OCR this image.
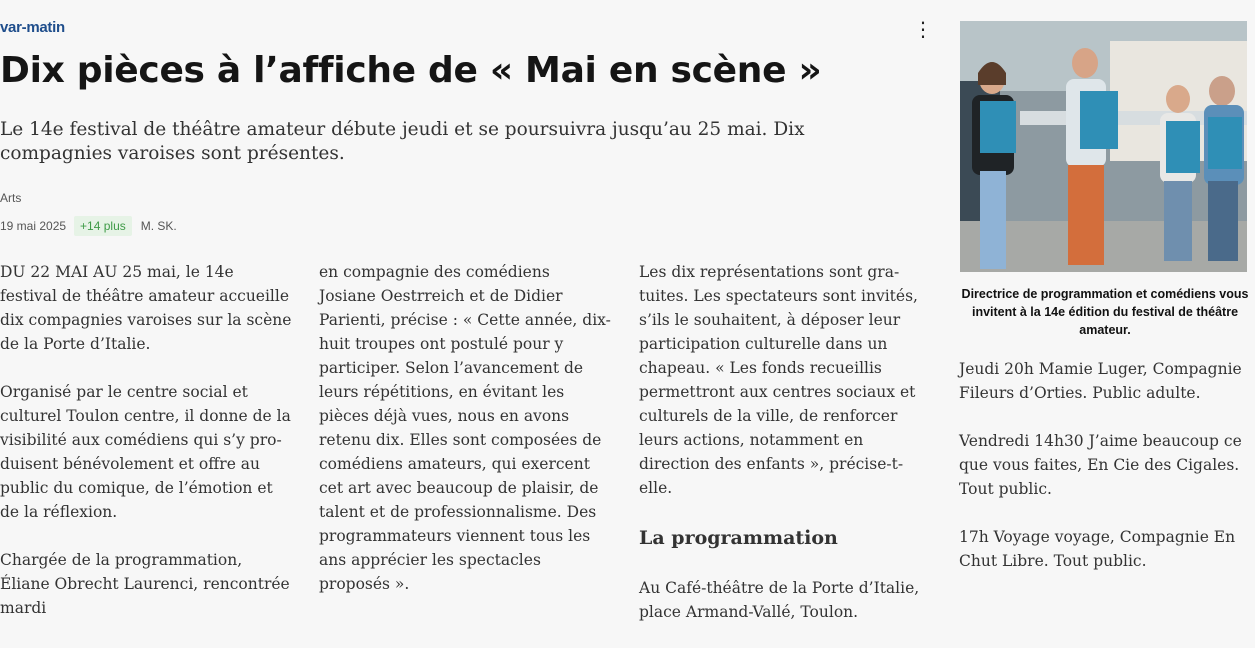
var-matin	⋮
Dix pièces à l’affiche de « Mai en scène »

Le 14e festival de théâtre amateur débute jeudi et se poursuivra jusqu’au 25 mai. Dix compagnies varoises sont présentes.

Arts
19 mai 2025	+14 plus	M. SK.

DU 22 MAI AU 25 mai, le 14e festival de théâtre amateur accueille dix compagnies varoises sur la scène de la Porte d’Italie.

Organisé par le centre social et culturel Toulon centre, il donne de la visibilité aux comédiens qui s’y produisent bénévolement et offre au public du comique, de l’émotion et de la réflexion.

Chargée de la programmation, Éliane Obrecht Laurenci, rencontrée mardi

en compagnie des comédiens Josiane Oestrreich et de Didier Parienti, précise : « Cette année, dix-huit troupes ont postulé pour y participer. Selon l’avancement de leurs répétitions, en évitant les pièces déjà vues, nous en avons retenu dix. Elles sont composées de comédiens amateurs, qui exercent cet art avec beaucoup de plaisir, de talent et de professionnalisme. Des programmateurs viennent tous les ans apprécier les spectacles proposés ».

Les dix représentations sont gratuites. Les spectateurs sont invités, s’ils le souhaitent, à déposer leur participation culturelle dans un chapeau. « Les fonds recueillis permettront aux centres sociaux et culturels de la ville, de renforcer leurs actions, notamment en direction des enfants », précise-t-elle.

La programmation

Au Café-théâtre de la Porte d’Italie, place Armand-Vallé, Toulon.

Directrice de programmation et comédiens vous invitent à la 14e édition du festival de théâtre amateur.

Jeudi 20h Mamie Luger, Compagnie Fileurs d’Orties. Public adulte.

Vendredi 14h30 J’aime beaucoup ce que vous faites, En Cie des Cigales. Tout public.

17h Voyage voyage, Compagnie En Chut Libre. Tout public.
